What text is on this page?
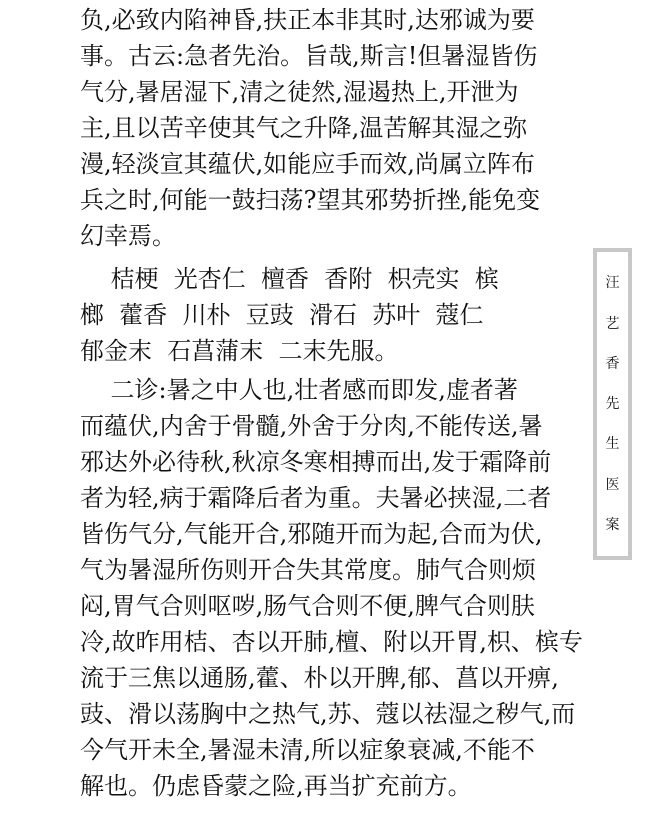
负,必致内陷神昏,扶正本非其时,达邪诚为要
事。古云:急者先治。旨哉,斯言!但暑湿皆伤
气分,暑居湿下,清之徒然,湿遏热上,开泄为
主,且以苦辛使其气之升降,温苦解其湿之弥
漫,轻淡宣其蕴伏,如能应手而效,尚属立阵布
兵之时,何能一鼓扫荡?望其邪势折挫,能免变
幻幸焉。
桔梗  光杏仁  檀香  香附  枳壳实  槟
榔  藿香  川朴  豆豉  滑石  苏叶  蔻仁
郁金末  石菖蒲末  二末先服。
二诊:暑之中人也,壮者感而即发,虚者著
而蕴伏,内舍于骨髓,外舍于分肉,不能传送,暑
邪达外必待秋,秋凉冬寒相搏而出,发于霜降前
者为轻,病于霜降后者为重。夫暑必挟湿,二者
皆伤气分,气能开合,邪随开而为起,合而为伏,
气为暑湿所伤则开合失其常度。肺气合则烦
闷,胃气合则呕哕,肠气合则不便,脾气合则肤
冷,故昨用桔、杏以开肺,檀、附以开胃,枳、槟专
流于三焦以通肠,藿、朴以开脾,郁、菖以开痹,
豉、滑以荡胸中之热气,苏、蔻以祛湿之秽气,而
今气开未全,暑湿未清,所以症象衰减,不能不
解也。仍虑昏蒙之险,再当扩充前方。
汪
艺
香
先
生
医
案
